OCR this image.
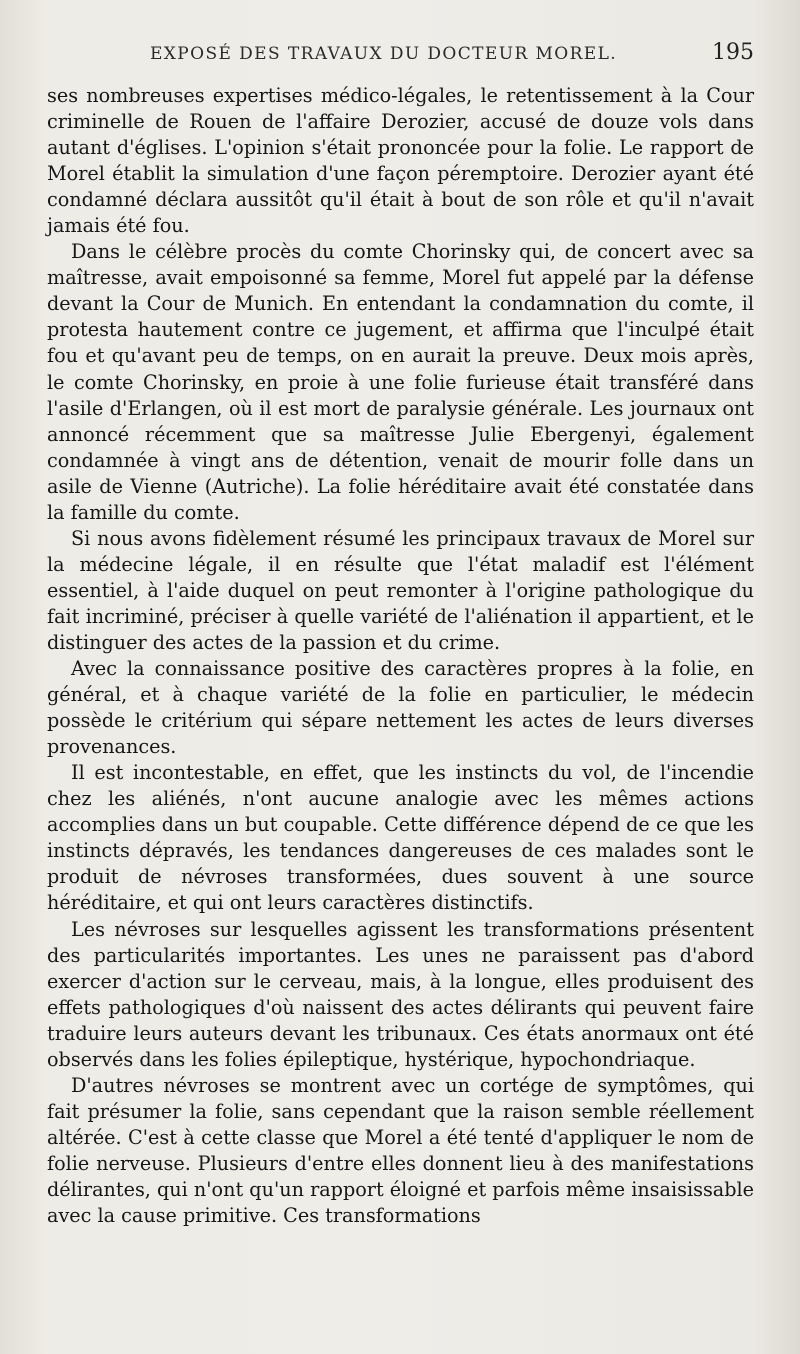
EXPOSÉ DES TRAVAUX DU DOCTEUR MOREL.	195

ses nombreuses expertises médico-légales, le retentissement à la Cour criminelle de Rouen de l'affaire Derozier, accusé de douze vols dans autant d'églises. L'opinion s'était prononcée pour la folie. Le rapport de Morel établit la simulation d'une façon péremptoire. Derozier ayant été condamné déclara aussitôt qu'il était à bout de son rôle et qu'il n'avait jamais été fou.

Dans le célèbre procès du comte Chorinsky qui, de concert avec sa maîtresse, avait empoisonné sa femme, Morel fut appelé par la défense devant la Cour de Munich. En entendant la condamnation du comte, il protesta hautement contre ce jugement, et affirma que l'inculpé était fou et qu'avant peu de temps, on en aurait la preuve. Deux mois après, le comte Chorinsky, en proie à une folie furieuse était transféré dans l'asile d'Erlangen, où il est mort de paralysie générale. Les journaux ont annoncé récemment que sa maîtresse Julie Ebergenyi, également condamnée à vingt ans de détention, venait de mourir folle dans un asile de Vienne (Autriche). La folie héréditaire avait été constatée dans la famille du comte.

Si nous avons fidèlement résumé les principaux travaux de Morel sur la médecine légale, il en résulte que l'état maladif est l'élément essentiel, à l'aide duquel on peut remonter à l'origine pathologique du fait incriminé, préciser à quelle variété de l'aliénation il appartient, et le distinguer des actes de la passion et du crime.

Avec la connaissance positive des caractères propres à la folie, en général, et à chaque variété de la folie en particulier, le médecin possède le critérium qui sépare nettement les actes de leurs diverses provenances.

Il est incontestable, en effet, que les instincts du vol, de l'incendie chez les aliénés, n'ont aucune analogie avec les mêmes actions accomplies dans un but coupable. Cette différence dépend de ce que les instincts dépravés, les tendances dangereuses de ces malades sont le produit de névroses transformées, dues souvent à une source héréditaire, et qui ont leurs caractères distinctifs.

Les névroses sur lesquelles agissent les transformations présentent des particularités importantes. Les unes ne paraissent pas d'abord exercer d'action sur le cerveau, mais, à la longue, elles produisent des effets pathologiques d'où naissent des actes délirants qui peuvent faire traduire leurs auteurs devant les tribunaux. Ces états anormaux ont été observés dans les folies épileptique, hystérique, hypochondriaque.

D'autres névroses se montrent avec un cortége de symptômes, qui fait présumer la folie, sans cependant que la raison semble réellement altérée. C'est à cette classe que Morel a été tenté d'appliquer le nom de folie nerveuse. Plusieurs d'entre elles donnent lieu à des manifestations délirantes, qui n'ont qu'un rapport éloigné et parfois même insaisissable avec la cause primitive. Ces transformations
